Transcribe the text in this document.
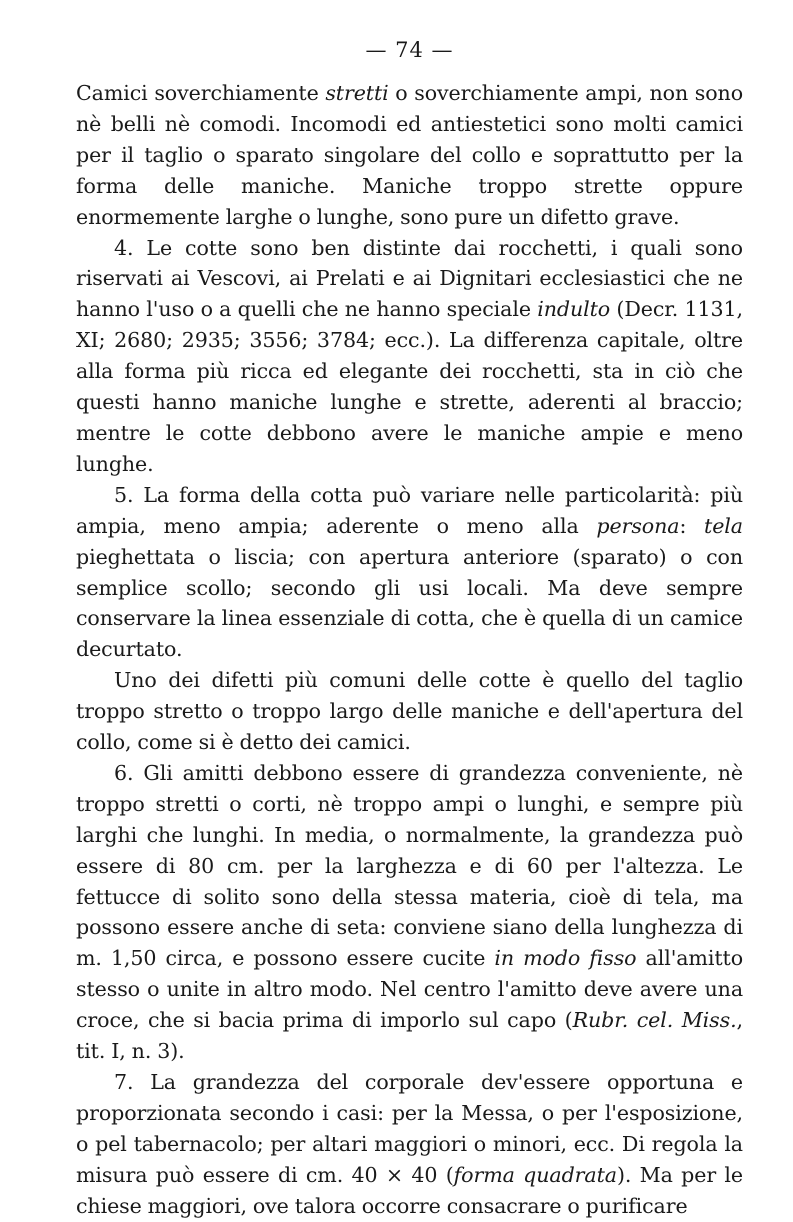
— 74 —

Camici soverchiamente stretti o soverchiamente ampi, non sono nè belli nè comodi. Incomodi ed antiestetici sono molti camici per il taglio o sparato singolare del collo e soprattutto per la forma delle maniche. Maniche troppo strette oppure enormemente larghe o lunghe, sono pure un difetto grave.

4. Le cotte sono ben distinte dai rocchetti, i quali sono riservati ai Vescovi, ai Prelati e ai Dignitari ecclesiastici che ne hanno l'uso o a quelli che ne hanno speciale indulto (Decr. 1131, XI; 2680; 2935; 3556; 3784; ecc.). La differenza capitale, oltre alla forma più ricca ed elegante dei rocchetti, sta in ciò che questi hanno maniche lunghe e strette, aderenti al braccio; mentre le cotte debbono avere le maniche ampie e meno lunghe.

5. La forma della cotta può variare nelle particolarità: più ampia, meno ampia; aderente o meno alla persona: tela pieghettata o liscia; con apertura anteriore (sparato) o con semplice scollo; secondo gli usi locali. Ma deve sempre conservare la linea essenziale di cotta, che è quella di un camice decurtato.

Uno dei difetti più comuni delle cotte è quello del taglio troppo stretto o troppo largo delle maniche e dell'apertura del collo, come si è detto dei camici.

6. Gli amitti debbono essere di grandezza conveniente, nè troppo stretti o corti, nè troppo ampi o lunghi, e sempre più larghi che lunghi. In media, o normalmente, la grandezza può essere di 80 cm. per la larghezza e di 60 per l'altezza. Le fettucce di solito sono della stessa materia, cioè di tela, ma possono essere anche di seta: conviene siano della lunghezza di m. 1,50 circa, e possono essere cucite in modo fisso all'amitto stesso o unite in altro modo. Nel centro l'amitto deve avere una croce, che si bacia prima di imporlo sul capo (Rubr. cel. Miss., tit. I, n. 3).

7. La grandezza del corporale dev'essere opportuna e proporzionata secondo i casi: per la Messa, o per l'esposizione, o pel tabernacolo; per altari maggiori o minori, ecc. Di regola la misura può essere di cm. 40 × 40 (forma quadrata). Ma per le chiese maggiori, ove talora occorre consacrare o purificare
